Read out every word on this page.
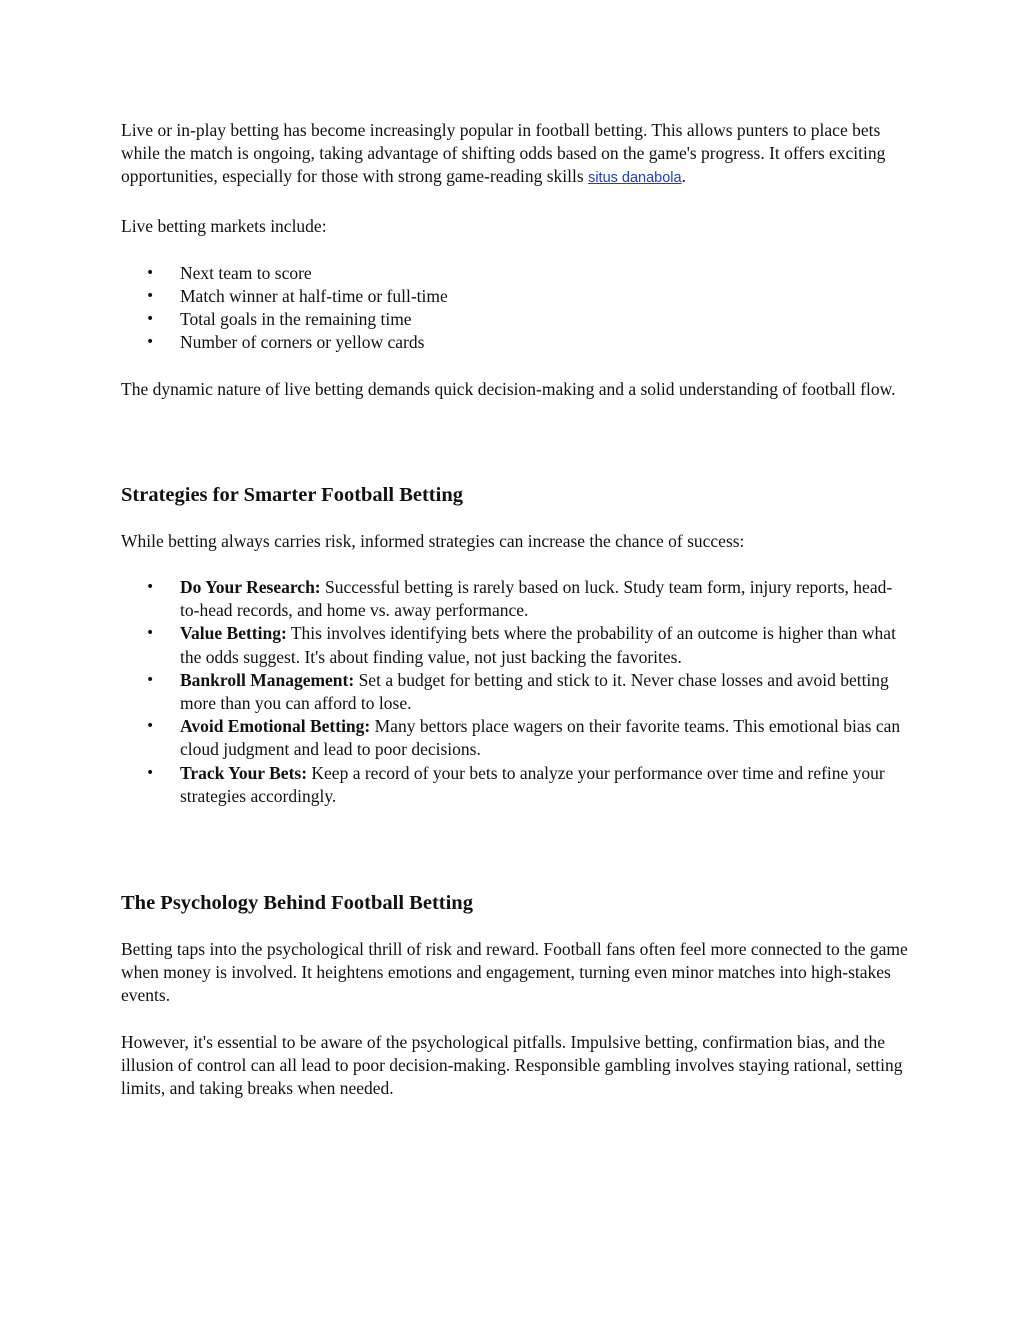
Live or in-play betting has become increasingly popular in football betting. This allows punters to place bets while the match is ongoing, taking advantage of shifting odds based on the game's progress. It offers exciting opportunities, especially for those with strong game-reading skills situs danabola.

Live betting markets include:

• Next team to score
• Match winner at half-time or full-time
• Total goals in the remaining time
• Number of corners or yellow cards

The dynamic nature of live betting demands quick decision-making and a solid understanding of football flow.

Strategies for Smarter Football Betting

While betting always carries risk, informed strategies can increase the chance of success:

• Do Your Research: Successful betting is rarely based on luck. Study team form, injury reports, head-to-head records, and home vs. away performance.
• Value Betting: This involves identifying bets where the probability of an outcome is higher than what the odds suggest. It's about finding value, not just backing the favorites.
• Bankroll Management: Set a budget for betting and stick to it. Never chase losses and avoid betting more than you can afford to lose.
• Avoid Emotional Betting: Many bettors place wagers on their favorite teams. This emotional bias can cloud judgment and lead to poor decisions.
• Track Your Bets: Keep a record of your bets to analyze your performance over time and refine your strategies accordingly.
The Psychology Behind Football Betting

Betting taps into the psychological thrill of risk and reward. Football fans often feel more connected to the game when money is involved. It heightens emotions and engagement, turning even minor matches into high-stakes events.

However, it's essential to be aware of the psychological pitfalls. Impulsive betting, confirmation bias, and the illusion of control can all lead to poor decision-making. Responsible gambling involves staying rational, setting limits, and taking breaks when needed.
